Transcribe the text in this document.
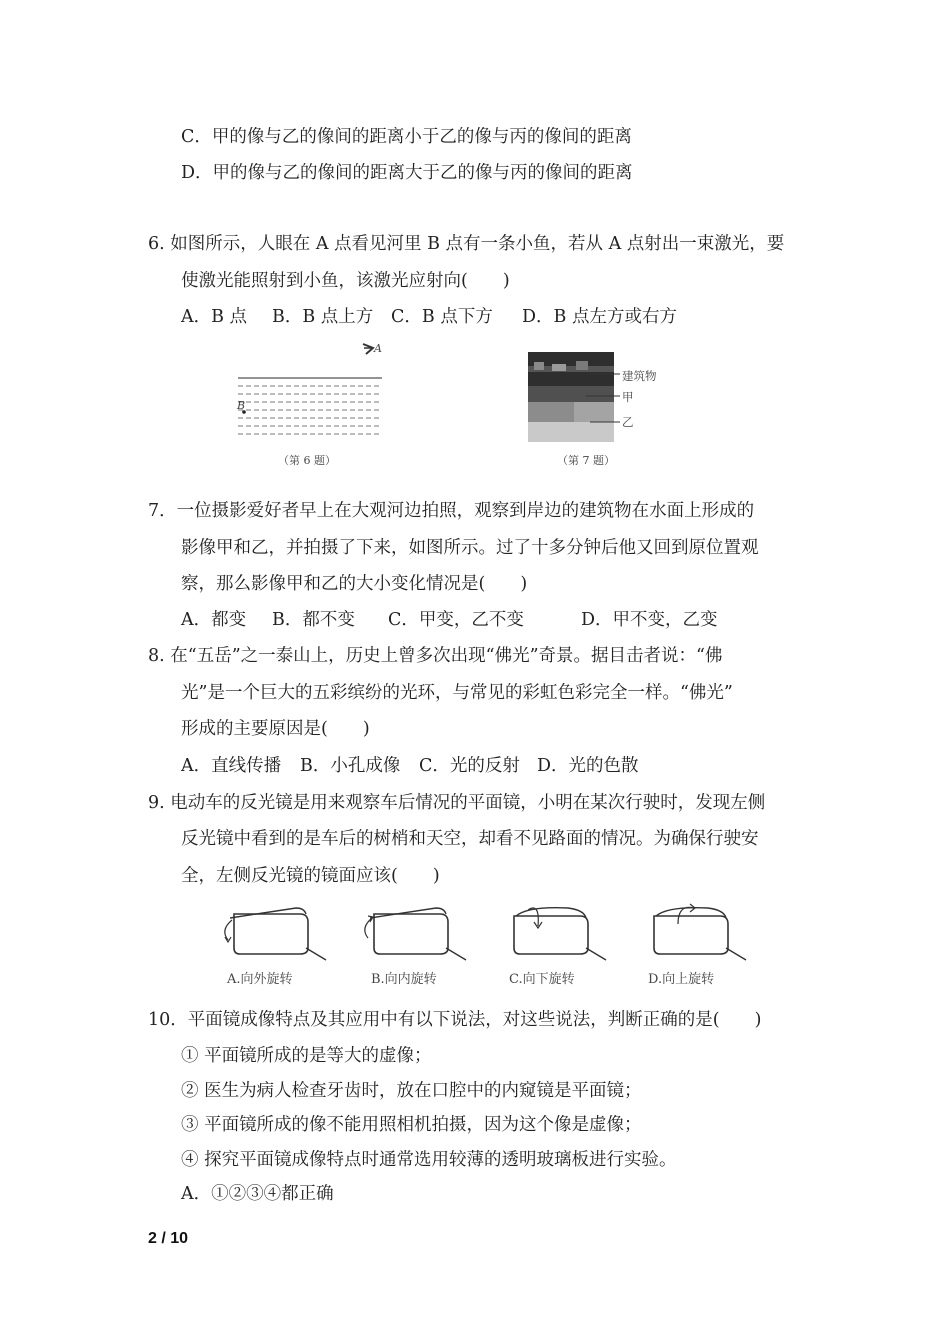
C．甲的像与乙的像间的距离小于乙的像与丙的像间的距离
D．甲的像与乙的像间的距离大于乙的像与丙的像间的距离
6. 如图所示，人眼在 A 点看见河里 B 点有一条小鱼，若从 A 点射出一束激光，要
使激光能照射到小鱼，该激光应射向(　　)
A．B 点 B．B 点上方 C．B 点下方 D．B 点左方或右方
A
B
（第 6 题）
建筑物
甲
乙
（第 7 题）
7．一位摄影爱好者早上在大观河边拍照，观察到岸边的建筑物在水面上形成的
影像甲和乙，并拍摄了下来，如图所示。过了十多分钟后他又回到原位置观
察，那么影像甲和乙的大小变化情况是(　　)
A．都变 B．都不变 C．甲变，乙不变	D．甲不变，乙变
8. 在“五岳”之一泰山上，历史上曾多次出现“佛光”奇景。据目击者说：“佛
光”是一个巨大的五彩缤纷的光环，与常见的彩虹色彩完全一样。“佛光”
形成的主要原因是(　　)
A．直线传播 B．小孔成像 C．光的反射 D．光的色散
9. 电动车的反光镜是用来观察车后情况的平面镜，小明在某次行驶时，发现左侧
反光镜中看到的是车后的树梢和天空，却看不见路面的情况。为确保行驶安
全，左侧反光镜的镜面应该(　　)
A.向外旋转	B.向内旋转	C.向下旋转	D.向上旋转
10．平面镜成像特点及其应用中有以下说法，对这些说法，判断正确的是(　　)
① 平面镜所成的是等大的虚像；
② 医生为病人检查牙齿时，放在口腔中的内窥镜是平面镜；
③ 平面镜所成的像不能用照相机拍摄，因为这个像是虚像；
④ 探究平面镜成像特点时通常选用较薄的透明玻璃板进行实验。
A．①②③④都正确
2 / 10
